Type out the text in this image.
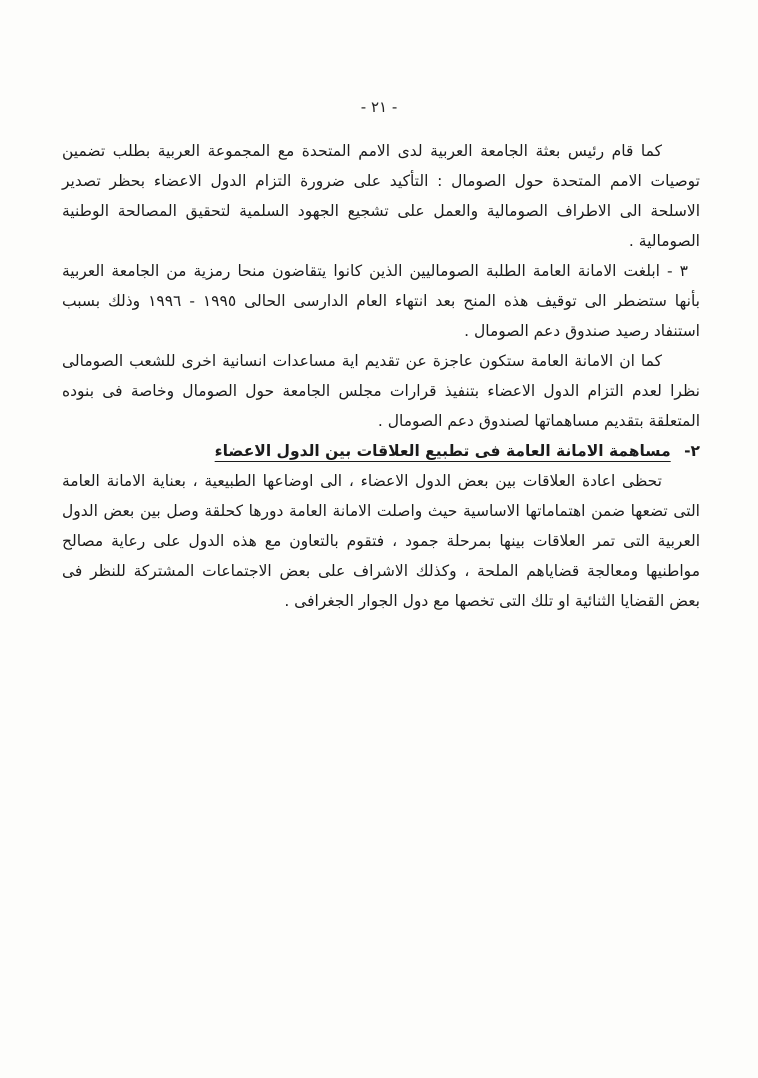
- ٢١ -

كما قام رئيس بعثة الجامعة العربية لدى الامم المتحدة مع المجموعة العربية بطلب تضمين توصيات الامم المتحدة حول الصومال : التأكيد على ضرورة التزام الدول الاعضاء بحظر تصدير الاسلحة الى الاطراف الصومالية والعمل على تشجيع الجهود السلمية لتحقيق المصالحة الوطنية الصومالية .

٣ - ابلغت الامانة العامة الطلبة الصوماليين الذين كانوا يتقاضون منحا رمزية من الجامعة العربية بأنها ستضطر الى توقيف هذه المنح بعد انتهاء العام الدارسى الحالى ١٩٩٥ - ١٩٩٦ وذلك بسبب استنفاد رصيد صندوق دعم الصومال .

كما ان الامانة العامة ستكون عاجزة عن تقديم اية مساعدات انسانية اخرى للشعب الصومالى نظرا لعدم التزام الدول الاعضاء بتنفيذ قرارات مجلس الجامعة حول الصومال وخاصة فى بنوده المتعلقة بتقديم مساهماتها لصندوق دعم الصومال .

٢- مساهمة الامانة العامة فى تطبيع العلاقات بين الدول الاعضاء

تحظى اعادة العلاقات بين بعض الدول الاعضاء ، الى اوضاعها الطبيعية ، بعناية الامانة العامة التى تضعها ضمن اهتماماتها الاساسية حيث واصلت الامانة العامة دورها كحلقة وصل بين بعض الدول العربية التى تمر العلاقات بينها بمرحلة جمود ، فتقوم بالتعاون مع هذه الدول على رعاية مصالح مواطنيها ومعالجة قضاياهم الملحة ، وكذلك الاشراف على بعض الاجتماعات المشتركة للنظر فى بعض القضايا الثنائية او تلك التى تخصها مع دول الجوار الجغرافى .
